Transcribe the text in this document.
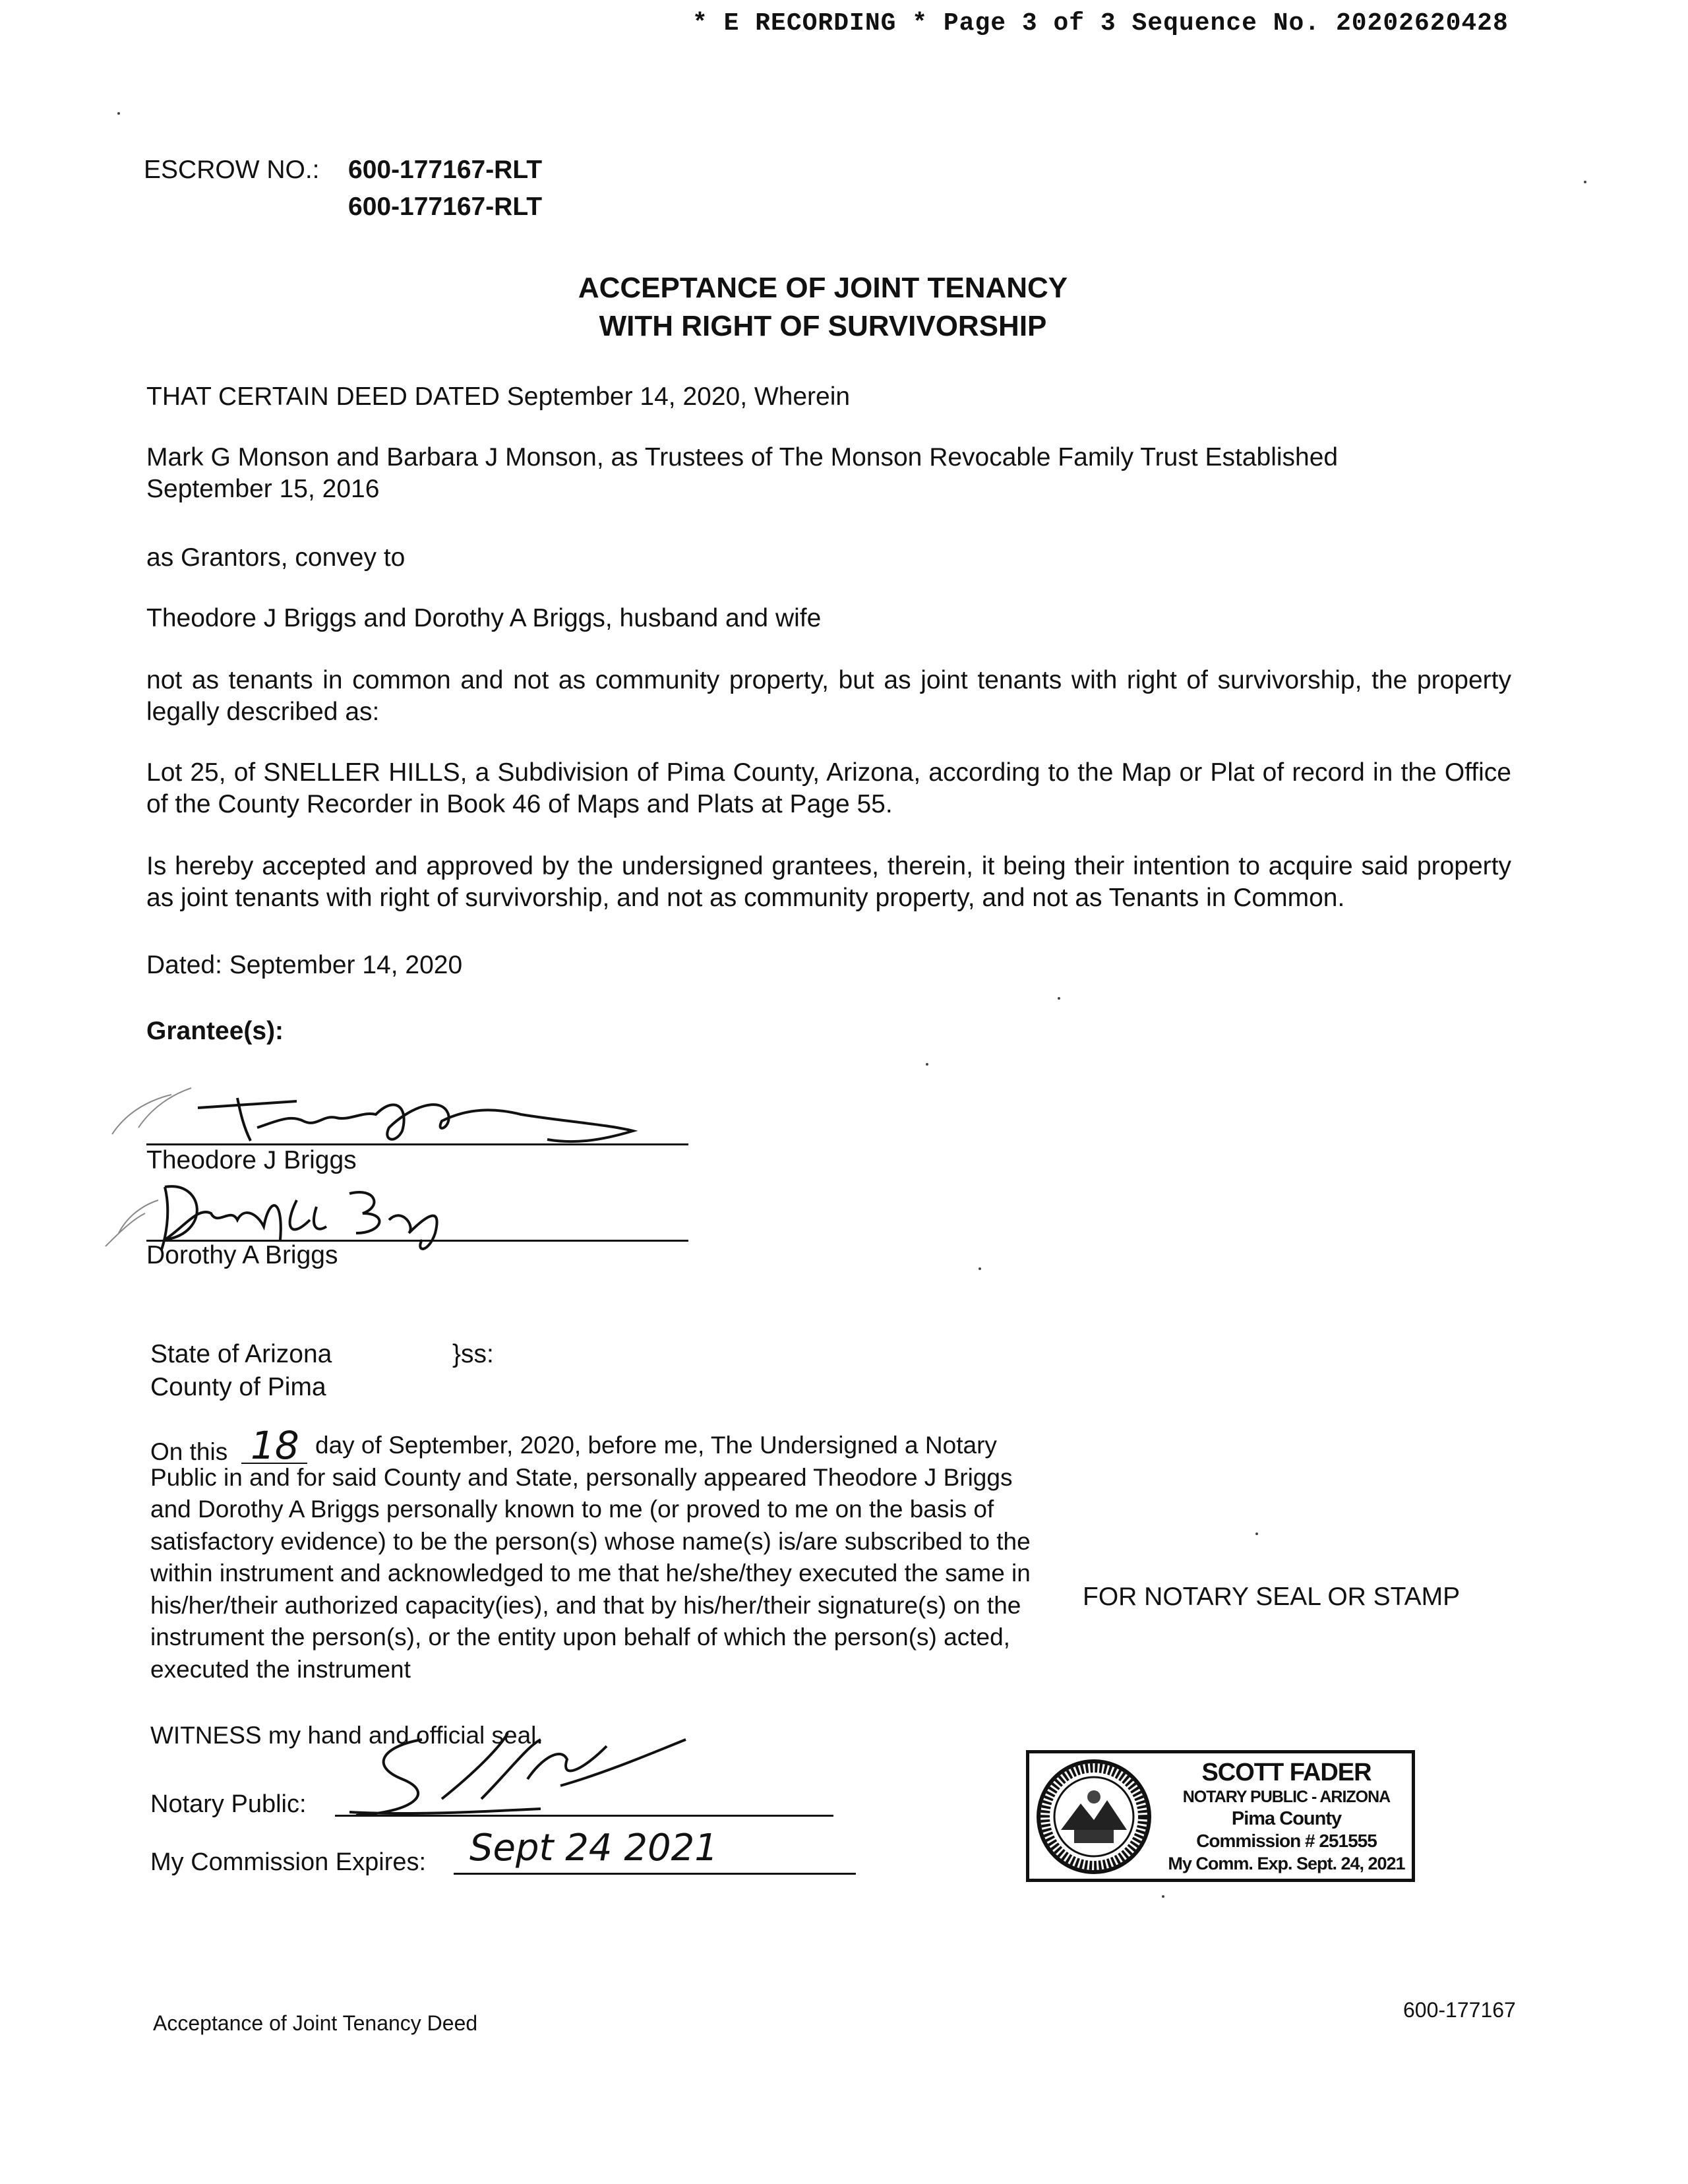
* E RECORDING * Page 3 of 3 Sequence No. 20202620428
ESCROW NO.: 600-177167-RLT
600-177167-RLT
ACCEPTANCE OF JOINT TENANCY
WITH RIGHT OF SURVIVORSHIP
THAT CERTAIN DEED DATED September 14, 2020, Wherein
Mark G Monson and Barbara J Monson, as Trustees of The Monson Revocable Family Trust Established September 15, 2016
as Grantors, convey to
Theodore J Briggs and Dorothy A Briggs, husband and wife
not as tenants in common and not as community property, but as joint tenants with right of survivorship, the property legally described as:
Lot 25, of SNELLER HILLS, a Subdivision of Pima County, Arizona, according to the Map or Plat of record in the Office of the County Recorder in Book 46 of Maps and Plats at Page 55.
Is hereby accepted and approved by the undersigned grantees, therein, it being their intention to acquire said property as joint tenants with right of survivorship, and not as community property, and not as Tenants in Common.
Dated: September 14, 2020
Grantee(s):
Theodore J Briggs
Dorothy A Briggs
State of Arizona	}ss:
County of Pima
On this 18 day of September, 2020, before me, The Undersigned a Notary Public in and for said County and State, personally appeared Theodore J Briggs and Dorothy A Briggs personally known to me (or proved to me on the basis of satisfactory evidence) to be the person(s) whose name(s) is/are subscribed to the within instrument and acknowledged to me that he/she/they executed the same in his/her/their authorized capacity(ies), and that by his/her/their signature(s) on the instrument the person(s), or the entity upon behalf of which the person(s) acted, executed the instrument
WITNESS my hand and official seal.
Notary Public:
My Commission Expires: Sept 24 2021
FOR NOTARY SEAL OR STAMP
SCOTT FADER
NOTARY PUBLIC - ARIZONA
Pima County
Commission # 251555
My Comm. Exp. Sept. 24, 2021
Acceptance of Joint Tenancy Deed
600-177167
